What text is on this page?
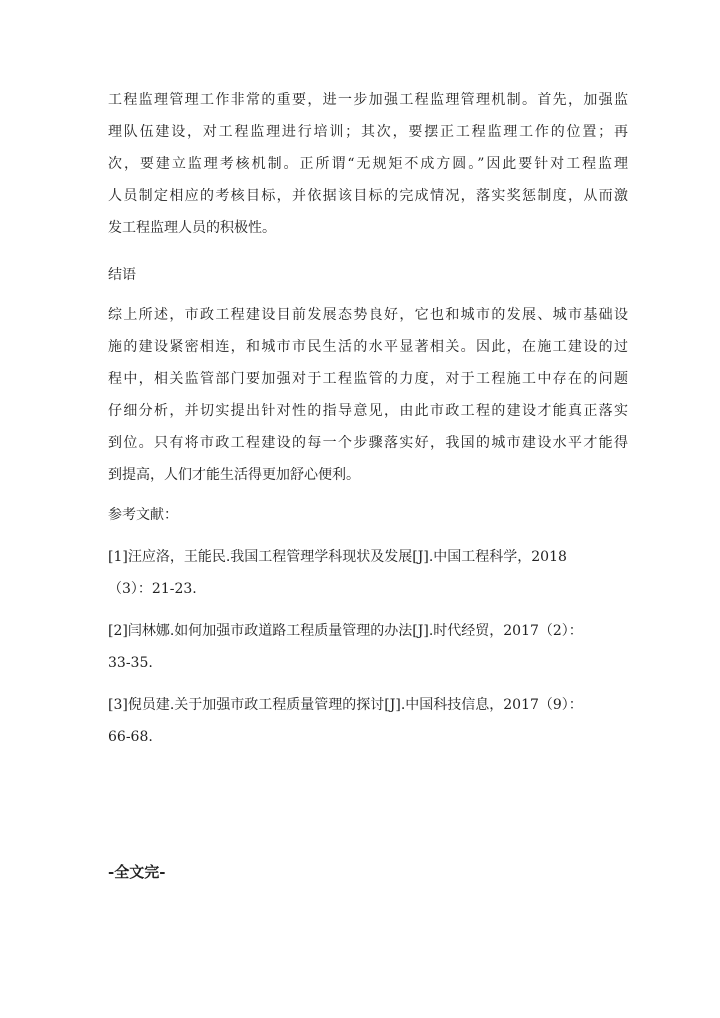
工程监理管理工作非常的重要，进一步加强工程监理管理机制。首先，加强监
理队伍建设，对工程监理进行培训；其次，要摆正工程监理工作的位置；再
次，要建立监理考核机制。正所谓“无规矩不成方圆。”因此要针对工程监理
人员制定相应的考核目标，并依据该目标的完成情况，落实奖惩制度，从而激
发工程监理人员的积极性。
结语
综上所述，市政工程建设目前发展态势良好，它也和城市的发展、城市基础设
施的建设紧密相连，和城市市民生活的水平显著相关。因此，在施工建设的过
程中，相关监管部门要加强对于工程监管的力度，对于工程施工中存在的问题
仔细分析，并切实提出针对性的指导意见，由此市政工程的建设才能真正落实
到位。只有将市政工程建设的每一个步骤落实好，我国的城市建设水平才能得
到提高，人们才能生活得更加舒心便利。
参考文献：
[1]汪应洛，王能民.我国工程管理学科现状及发展[J].中国工程科学，2018
（3）：21-23.
[2]闫林娜.如何加强市政道路工程质量管理的办法[J].时代经贸，2017（2）：
33-35.
[3]倪员建.关于加强市政工程质量管理的探讨[J].中国科技信息，2017（9）：
66-68.
-全文完-
